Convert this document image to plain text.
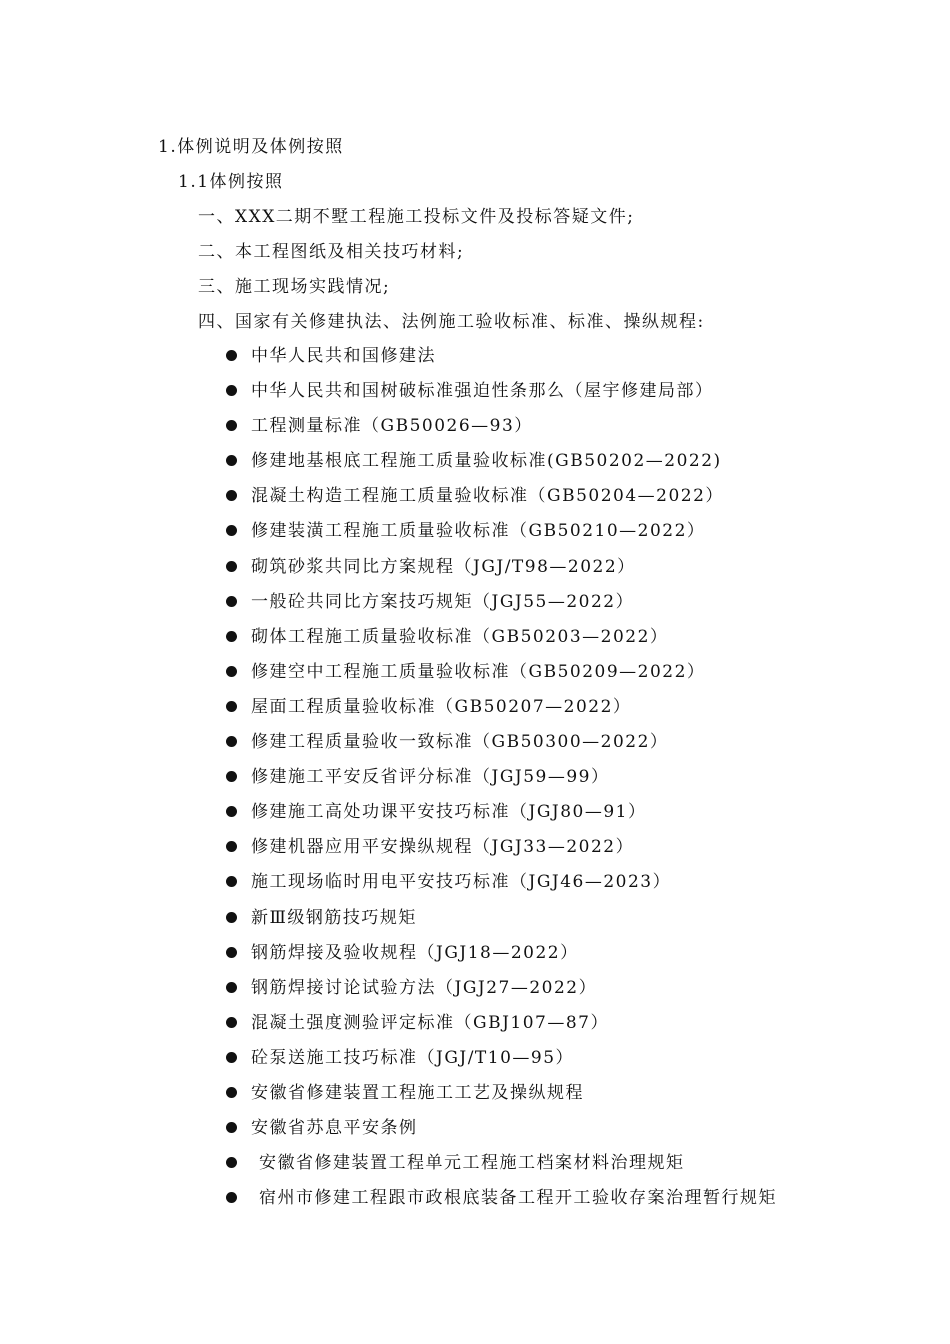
1.体例说明及体例按照
1.1体例按照
一、XXX二期不墅工程施工投标文件及投标答疑文件;
二、本工程图纸及相关技巧材料;
三、施工现场实践情况;
四、国家有关修建执法、法例施工验收标准、标准、操纵规程:
中华人民共和国修建法
中华人民共和国树破标准强迫性条那么（屋宇修建局部）
工程测量标准（GB50026—93）
修建地基根底工程施工质量验收标准(GB50202—2022)
混凝土构造工程施工质量验收标准（GB50204—2022）
修建装潢工程施工质量验收标准（GB50210—2022）
砌筑砂浆共同比方案规程（JGJ/T98—2022）
一般砼共同比方案技巧规矩（JGJ55—2022）
砌体工程施工质量验收标准（GB50203—2022）
修建空中工程施工质量验收标准（GB50209—2022）
屋面工程质量验收标准（GB50207—2022）
修建工程质量验收一致标准（GB50300—2022）
修建施工平安反省评分标准（JGJ59—99）
修建施工高处功课平安技巧标准（JGJ80—91）
修建机器应用平安操纵规程（JGJ33—2022）
施工现场临时用电平安技巧标准（JGJ46—2023）
新Ⅲ级钢筋技巧规矩
钢筋焊接及验收规程（JGJ18—2022）
钢筋焊接讨论试验方法（JGJ27—2022）
混凝土强度测验评定标准（GBJ107—87）
砼泵送施工技巧标准（JGJ/T10—95）
安徽省修建装置工程施工工艺及操纵规程
安徽省苏息平安条例
安徽省修建装置工程单元工程施工档案材料治理规矩
宿州市修建工程跟市政根底装备工程开工验收存案治理暂行规矩
